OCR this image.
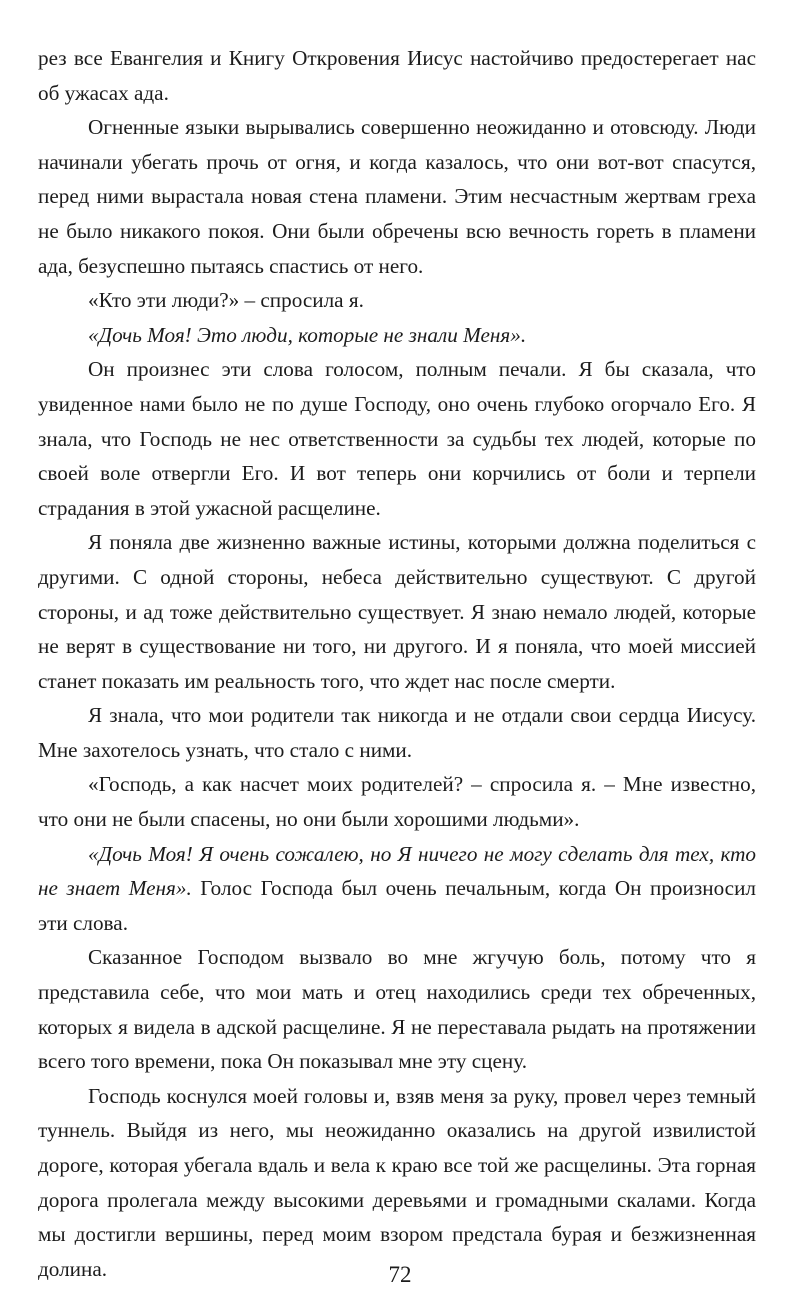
рез все Евангелия и Книгу Откровения Иисус настойчиво предостерегает нас об ужасах ада.

Огненные языки вырывались совершенно неожиданно и отовсюду. Люди начинали убегать прочь от огня, и когда казалось, что они вот-вот спасутся, перед ними вырастала новая стена пламени. Этим несчастным жертвам греха не было никакого покоя. Они были обречены всю вечность гореть в пламени ада, безуспешно пытаясь спастись от него.

«Кто эти люди?» – спросила я.

«Дочь Моя! Это люди, которые не знали Меня».

Он произнес эти слова голосом, полным печали. Я бы сказала, что увиденное нами было не по душе Господу, оно очень глубоко огорчало Его. Я знала, что Господь не нес ответственности за судьбы тех людей, которые по своей воле отвергли Его. И вот теперь они корчились от боли и терпели страдания в этой ужасной расщелине.

Я поняла две жизненно важные истины, которыми должна поделиться с другими. С одной стороны, небеса действительно существуют. С другой стороны, и ад тоже действительно существует. Я знаю немало людей, которые не верят в существование ни того, ни другого. И я поняла, что моей миссией станет показать им реальность того, что ждет нас после смерти.

Я знала, что мои родители так никогда и не отдали свои сердца Иисусу. Мне захотелось узнать, что стало с ними.

«Господь, а как насчет моих родителей? – спросила я. – Мне известно, что они не были спасены, но они были хорошими людьми».

«Дочь Моя! Я очень сожалею, но Я ничего не могу сделать для тех, кто не знает Меня». Голос Господа был очень печальным, когда Он произносил эти слова.

Сказанное Господом вызвало во мне жгучую боль, потому что я представила себе, что мои мать и отец находились среди тех обреченных, которых я видела в адской расщелине. Я не переставала рыдать на протяжении всего того времени, пока Он показывал мне эту сцену.

Господь коснулся моей головы и, взяв меня за руку, провел через темный туннель. Выйдя из него, мы неожиданно оказались на другой извилистой дороге, которая убегала вдаль и вела к краю все той же расщелины. Эта горная дорога пролегала между высокими деревьями и громадными скалами. Когда мы достигли вершины, перед моим взором предстала бурая и безжизненная долина.	72
